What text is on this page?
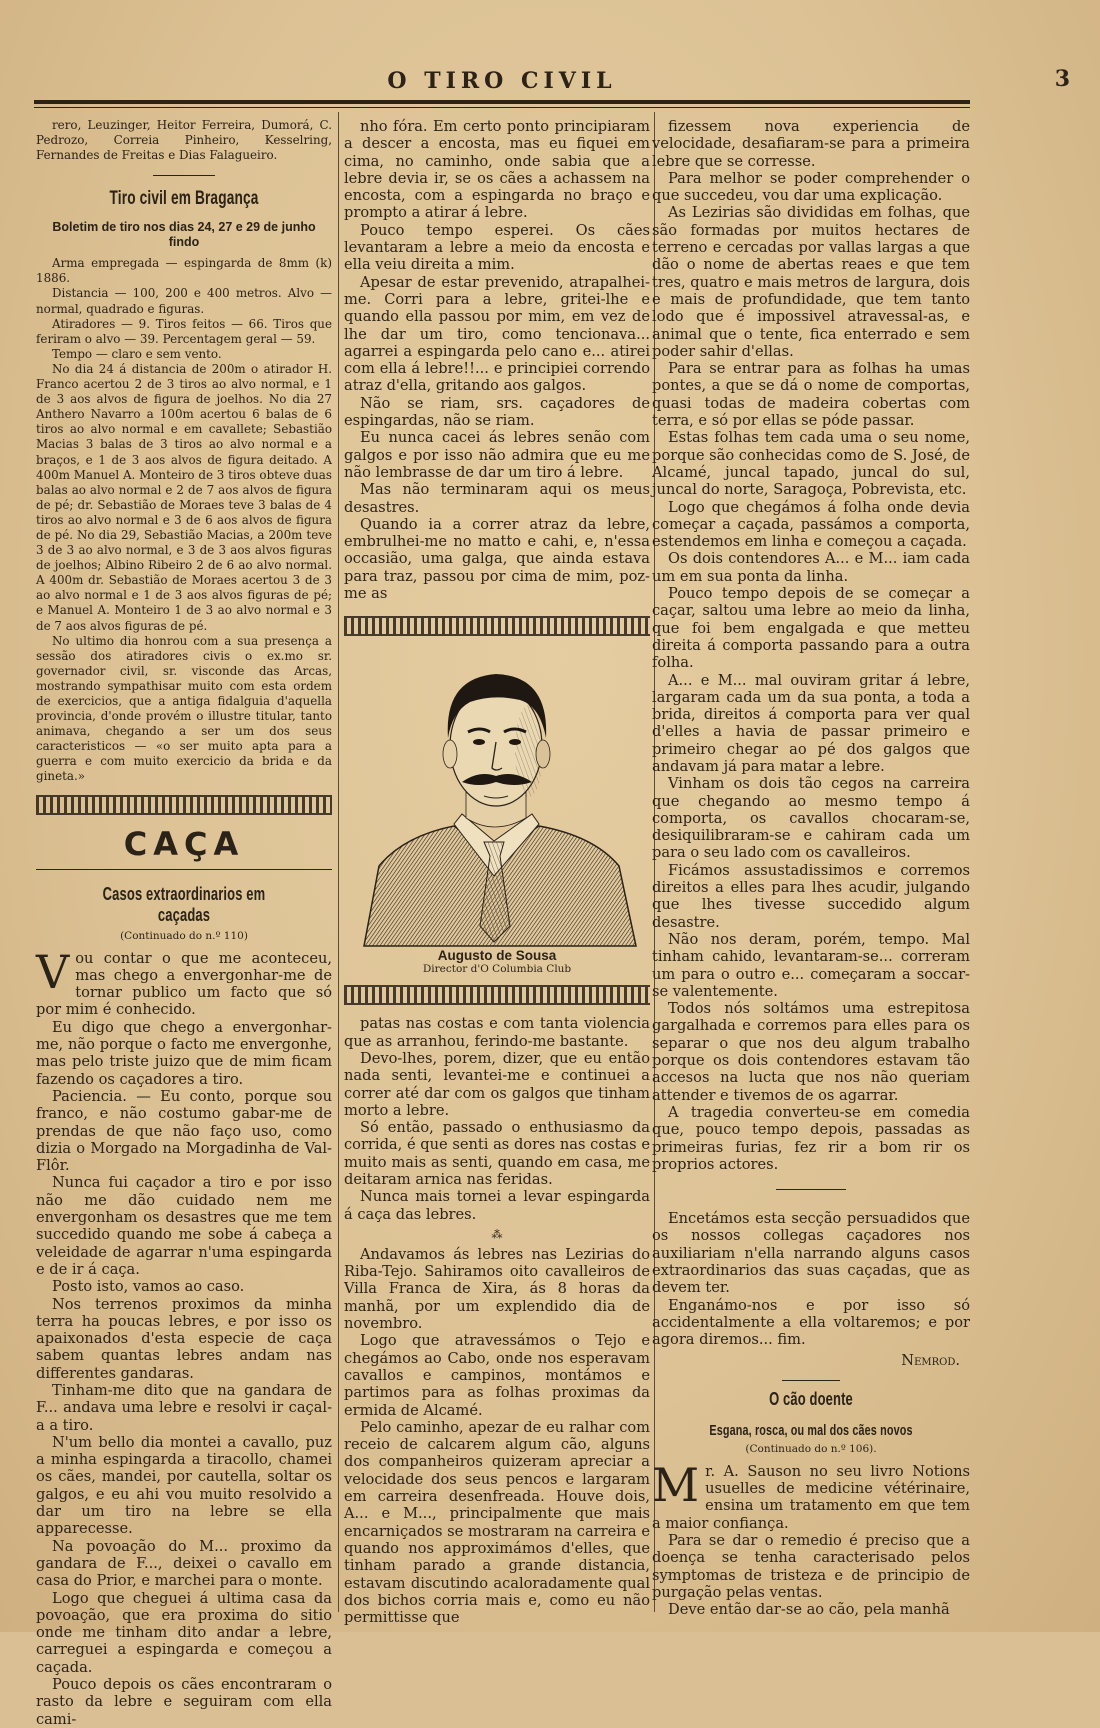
O TIRO CIVIL	3

rero, Leuzinger, Heitor Ferreira, Dumorá, C. Pedrozo, Correia Pinheiro, Kesselring, Fernandes de Freitas e Dias Falagueiro.

Tiro civil em Bragança
Boletim de tiro nos dias 24, 27 e 29 de junho findo

Arma empregada — espingarda de 8mm (k) 1886.

Distancia — 100, 200 e 400 metros. Alvo — normal, quadrado e figuras.

Atiradores — 9. Tiros feitos — 66. Tiros que feriram o alvo — 39. Percentagem geral — 59.

Tempo — claro e sem vento.

No dia 24 á distancia de 200m o atirador H. Franco acertou 2 de 3 tiros ao alvo normal, e 1 de 3 aos alvos de figura de joelhos. No dia 27 Anthero Navarro a 100m acertou 6 balas de 6 tiros ao alvo normal e em cavallete; Sebastião Macias 3 balas de 3 tiros ao alvo normal e a braços, e 1 de 3 aos alvos de figura deitado. A 400m Manuel A. Monteiro de 3 tiros obteve duas balas ao alvo normal e 2 de 7 aos alvos de figura de pé; dr. Sebastião de Moraes teve 3 balas de 4 tiros ao alvo normal e 3 de 6 aos alvos de figura de pé. No dia 29, Sebastião Macias, a 200m teve 3 de 3 ao alvo normal, e 3 de 3 aos alvos figuras de joelhos; Albino Ribeiro 2 de 6 ao alvo normal. A 400m dr. Sebastião de Moraes acertou 3 de 3 ao alvo normal e 1 de 3 aos alvos figuras de pé; e Manuel A. Monteiro 1 de 3 ao alvo normal e 3 de 7 aos alvos figuras de pé.

No ultimo dia honrou com a sua presença a sessão dos atiradores civis o ex.mo sr. governador civil, sr. visconde das Arcas, mostrando sympathisar muito com esta ordem de exercicios, que a antiga fidalguia d'aquella provincia, d'onde provém o illustre titular, tanto animava, chegando a ser um dos seus caracteristicos — «o ser muito apta para a guerra e com muito exercicio da brida e da gineta.»

CAÇA
Casos extraordinarios em caçadas
(Continuado do n.º 110)

Vou contar o que me aconteceu, mas chego a envergonhar-me de tornar publico um facto que só por mim é conhecido.

Eu digo que chego a envergonhar-me, não porque o facto me envergonhe, mas pelo triste juizo que de mim ficam fazendo os caçadores a tiro.

Paciencia. — Eu conto, porque sou franco, e não costumo gabar-me de prendas de que não faço uso, como dizia o Morgado na Morgadinha de Val-Flôr.

Nunca fui caçador a tiro e por isso não me dão cuidado nem me envergonham os desastres que me tem succedido quando me sobe á cabeça a veleidade de agarrar n'uma espingarda e de ir á caça.

Posto isto, vamos ao caso.

Nos terrenos proximos da minha terra ha poucas lebres, e por isso os apaixonados d'esta especie de caça sabem quantas lebres andam nas differentes gandaras.

Tinham-me dito que na gandara de F... andava uma lebre e resolvi ir caçal-a a tiro.

N'um bello dia montei a cavallo, puz a minha espingarda a tiracollo, chamei os cães, mandei, por cautella, soltar os galgos, e eu ahi vou muito resolvido a dar um tiro na lebre se ella apparecesse.

Na povoação do M... proximo da gandara de F..., deixei o cavallo em casa do Prior, e marchei para o monte.

Logo que cheguei á ultima casa da povoação, que era proxima do sitio onde me tinham dito andar a lebre, carreguei a espingarda e começou a caçada.

Pouco depois os cães encontraram o rasto da lebre e seguiram com ella cami-

nho fóra. Em certo ponto principiaram a descer a encosta, mas eu fiquei em cima, no caminho, onde sabia que a lebre devia ir, se os cães a achassem na encosta, com a espingarda no braço e prompto a atirar á lebre.

Pouco tempo esperei. Os cães levantaram a lebre a meio da encosta e ella veiu direita a mim.

Apesar de estar prevenido, atrapalhei-me. Corri para a lebre, gritei-lhe e quando ella passou por mim, em vez de lhe dar um tiro, como tencionava... agarrei a espingarda pelo cano e... atirei com ella á lebre!!... e principiei correndo atraz d'ella, gritando aos galgos.

Não se riam, srs. caçadores de espingardas, não se riam.

Eu nunca cacei ás lebres senão com galgos e por isso não admira que eu me não lembrasse de dar um tiro á lebre.

Mas não terminaram aqui os meus desastres.

Quando ia a correr atraz da lebre, embrulhei-me no matto e cahi, e, n'essa occasião, uma galga, que ainda estava para traz, passou por cima de mim, poz-me as

Augusto de Sousa
Director d'O Columbia Club

patas nas costas e com tanta violencia que as arranhou, ferindo-me bastante.

Devo-lhes, porem, dizer, que eu então nada senti, levantei-me e continuei a correr até dar com os galgos que tinham morto a lebre.

Só então, passado o enthusiasmo da corrida, é que senti as dores nas costas e muito mais as senti, quando em casa, me deitaram arnica nas feridas.

Nunca mais tornei a levar espingarda á caça das lebres.

⁂

Andavamos ás lebres nas Lezirias do Riba-Tejo. Sahiramos oito cavalleiros de Villa Franca de Xira, ás 8 horas da manhã, por um explendido dia de novembro.

Logo que atravessámos o Tejo e chegámos ao Cabo, onde nos esperavam cavallos e campinos, montámos e partimos para as folhas proximas da ermida de Alcamé.

Pelo caminho, apezar de eu ralhar com receio de calcarem algum cão, alguns dos companheiros quizeram apreciar a velocidade dos seus pencos e largaram em carreira desenfreada. Houve dois, A... e M..., principalmente que mais encarniçados se mostraram na carreira e quando nos approximámos d'elles, que tinham parado a grande distancia, estavam discutindo acaloradamente qual dos bichos corria mais e, como eu não permittisse que

fizessem nova experiencia de velocidade, desafiaram-se para a primeira lebre que se corresse.

Para melhor se poder comprehender o que succedeu, vou dar uma explicação.

As Lezirias são divididas em folhas, que são formadas por muitos hectares de terreno e cercadas por vallas largas a que dão o nome de abertas reaes e que tem tres, quatro e mais metros de largura, dois e mais de profundidade, que tem tanto lodo que é impossivel atravessal-as, e animal que o tente, fica enterrado e sem poder sahir d'ellas.

Para se entrar para as folhas ha umas pontes, a que se dá o nome de comportas, quasi todas de madeira cobertas com terra, e só por ellas se póde passar.

Estas folhas tem cada uma o seu nome, porque são conhecidas como de S. José, de Alcamé, juncal tapado, juncal do sul, juncal do norte, Saragoça, Pobrevista, etc.

Logo que chegámos á folha onde devia começar a caçada, passámos a comporta, estendemos em linha e começou a caçada.

Os dois contendores A... e M... iam cada um em sua ponta da linha.

Pouco tempo depois de se começar a caçar, saltou uma lebre ao meio da linha, que foi bem engalgada e que metteu direita á comporta passando para a outra folha.

A... e M... mal ouviram gritar á lebre, largaram cada um da sua ponta, a toda a brida, direitos á comporta para ver qual d'elles a havia de passar primeiro e primeiro chegar ao pé dos galgos que andavam já para matar a lebre.

Vinham os dois tão cegos na carreira que chegando ao mesmo tempo á comporta, os cavallos chocaram-se, desiquilibraram-se e cahiram cada um para o seu lado com os cavalleiros.

Ficámos assustadissimos e corremos direitos a elles para lhes acudir, julgando que lhes tivesse succedido algum desastre.

Não nos deram, porém, tempo. Mal tinham cahido, levantaram-se... correram um para o outro e... começaram a soccar-se valentemente.

Todos nós soltámos uma estrepitosa gargalhada e corremos para elles para os separar o que nos deu algum trabalho porque os dois contendores estavam tão accesos na lucta que nos não queriam attender e tivemos de os agarrar.

A tragedia converteu-se em comedia que, pouco tempo depois, passadas as primeiras furias, fez rir a bom rir os proprios actores.

Encetámos esta secção persuadidos que os nossos collegas caçadores nos auxiliariam n'ella narrando alguns casos extraordinarios das suas caçadas, que as devem ter.

Enganámo-nos e por isso só accidentalmente a ella voltaremos; e por agora diremos... fim.

Nemrod.

O cão doente
Esgana, rosca, ou mal dos cães novos
(Continuado do n.º 106).

Mr. A. Sauson no seu livro Notions usuelles de medicine vétérinaire, ensina um tratamento em que tem a maior confiança.

Para se dar o remedio é preciso que a doença se tenha caracterisado pelos symptomas de tristeza e de principio de purgação pelas ventas.

Deve então dar-se ao cão, pela manhã
